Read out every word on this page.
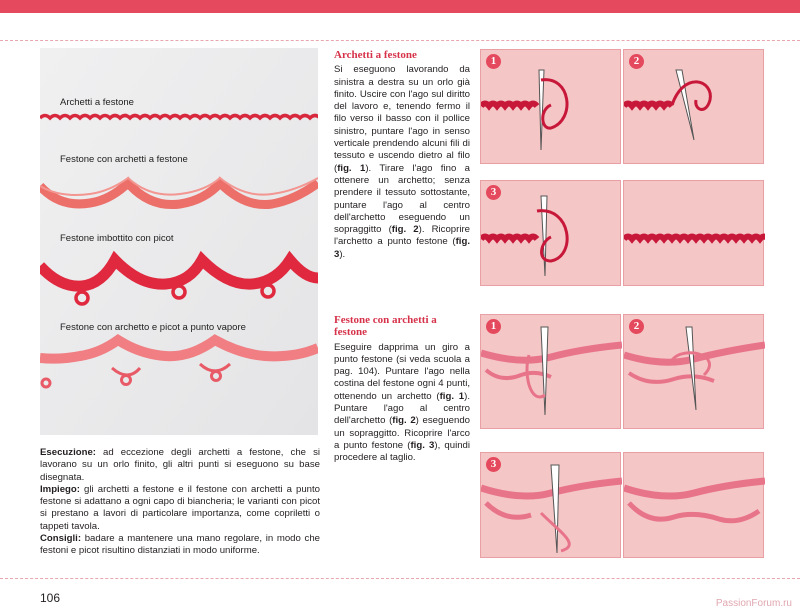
Archetti a festone
Festone con archetti a festone
Festone imbottito con picot
Festone con archetto e picot a punto vapore

Esecuzione: ad eccezione degli archetti a festone, che si lavorano su un orlo finito, gli altri punti si eseguono su base disegnata.

Impiego: gli archetti a festone e il festone con archetti a punto festone si adattano a ogni capo di biancheria; le varianti con picot si prestano a lavori di particolare importanza, come copriletti o tappeti tavola.

Consigli: badare a mantenere una mano regolare, in modo che festoni e picot risultino distanziati in modo uniforme.

Archetti a festone

Si eseguono lavorando da sinistra a destra su un orlo già finito. Uscire con l'ago sul diritto del lavoro e, tenendo fermo il filo verso il basso con il pollice sinistro, puntare l'ago in senso verticale prendendo alcuni fili di tessuto e uscendo dietro al filo (fig. 1). Tirare l'ago fino a ottenere un archetto; senza prendere il tessuto sottostante, puntare l'ago al centro dell'archetto eseguendo un sopraggitto (fig. 2). Ricoprire l'archetto a punto festone (fig. 3).

Festone con archetti a festone

Eseguire dapprima un giro a punto festone (si veda scuola a pag. 104). Puntare l'ago nella costina del festone ogni 4 punti, ottenendo un archetto (fig. 1). Puntare l'ago al centro dell'archetto (fig. 2) eseguendo un sopraggitto. Ricoprire l'arco a punto festone (fig. 3), quindi procedere al taglio.

1	2
3
1	2
3
106	PassionForum.ru
